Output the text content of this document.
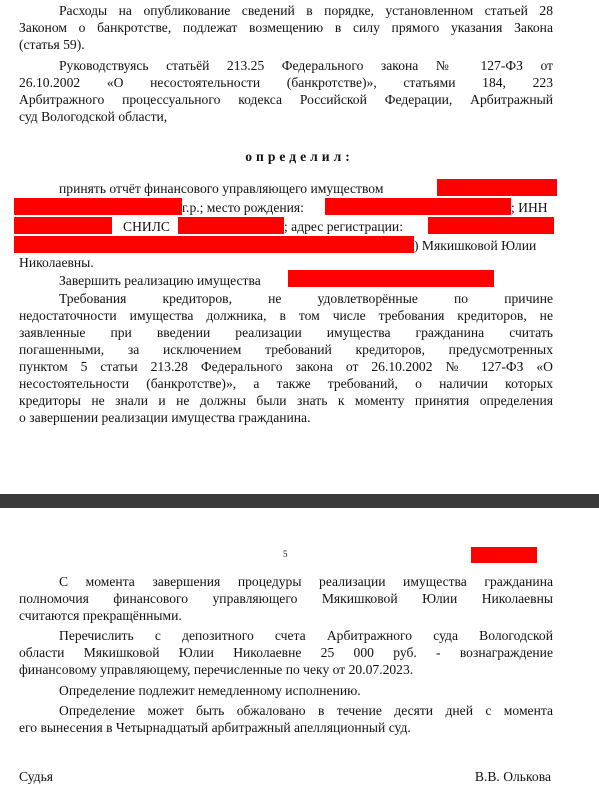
Расходы на опубликование сведений в порядке, установленном статьей 28
Законом о банкротстве, подлежат возмещению в силу прямого указания Закона
(статья 59).
Руководствуясь статьёй 213.25 Федерального закона № 127-ФЗ от
26.10.2002 «О несостоятельности (банкротстве)», статьями 184, 223
Арбитражного процессуального кодекса Российской Федерации, Арбитражный
суд Вологодской области,
определил:
принять отчёт финансового управляющего имуществом
г.р.; место рождения:	; ИНН
СНИЛС	; адрес регистрации:
) Мякишковой Юлии
Николаевны.
Завершить реализацию имущества
Требования кредиторов, не удовлетворённые по причине
недостаточности имущества должника, в том числе требования кредиторов, не
заявленные при введении реализации имущества гражданина считать
погашенными, за исключением требований кредиторов, предусмотренных
пунктом 5 статьи 213.28 Федерального закона от 26.10.2002 № 127-ФЗ «О
несостоятельности (банкротстве)», а также требований, о наличии которых
кредиторы не знали и не должны были знать к моменту принятия определения
о завершении реализации имущества гражданина.
5
С момента завершения процедуры реализации имущества гражданина
полномочия финансового управляющего Мякишковой Юлии Николаевны
считаются прекращёнными.
Перечислить с депозитного счета Арбитражного суда Вологодской
области Мякишковой Юлии Николаевне 25 000 руб. - вознаграждение
финансовому управляющему, перечисленные по чеку от 20.07.2023.
Определение подлежит немедленному исполнению.
Определение может быть обжаловано в течение десяти дней с момента
его вынесения в Четырнадцатый арбитражный апелляционный суд.
Судья	В.В. Олькова
